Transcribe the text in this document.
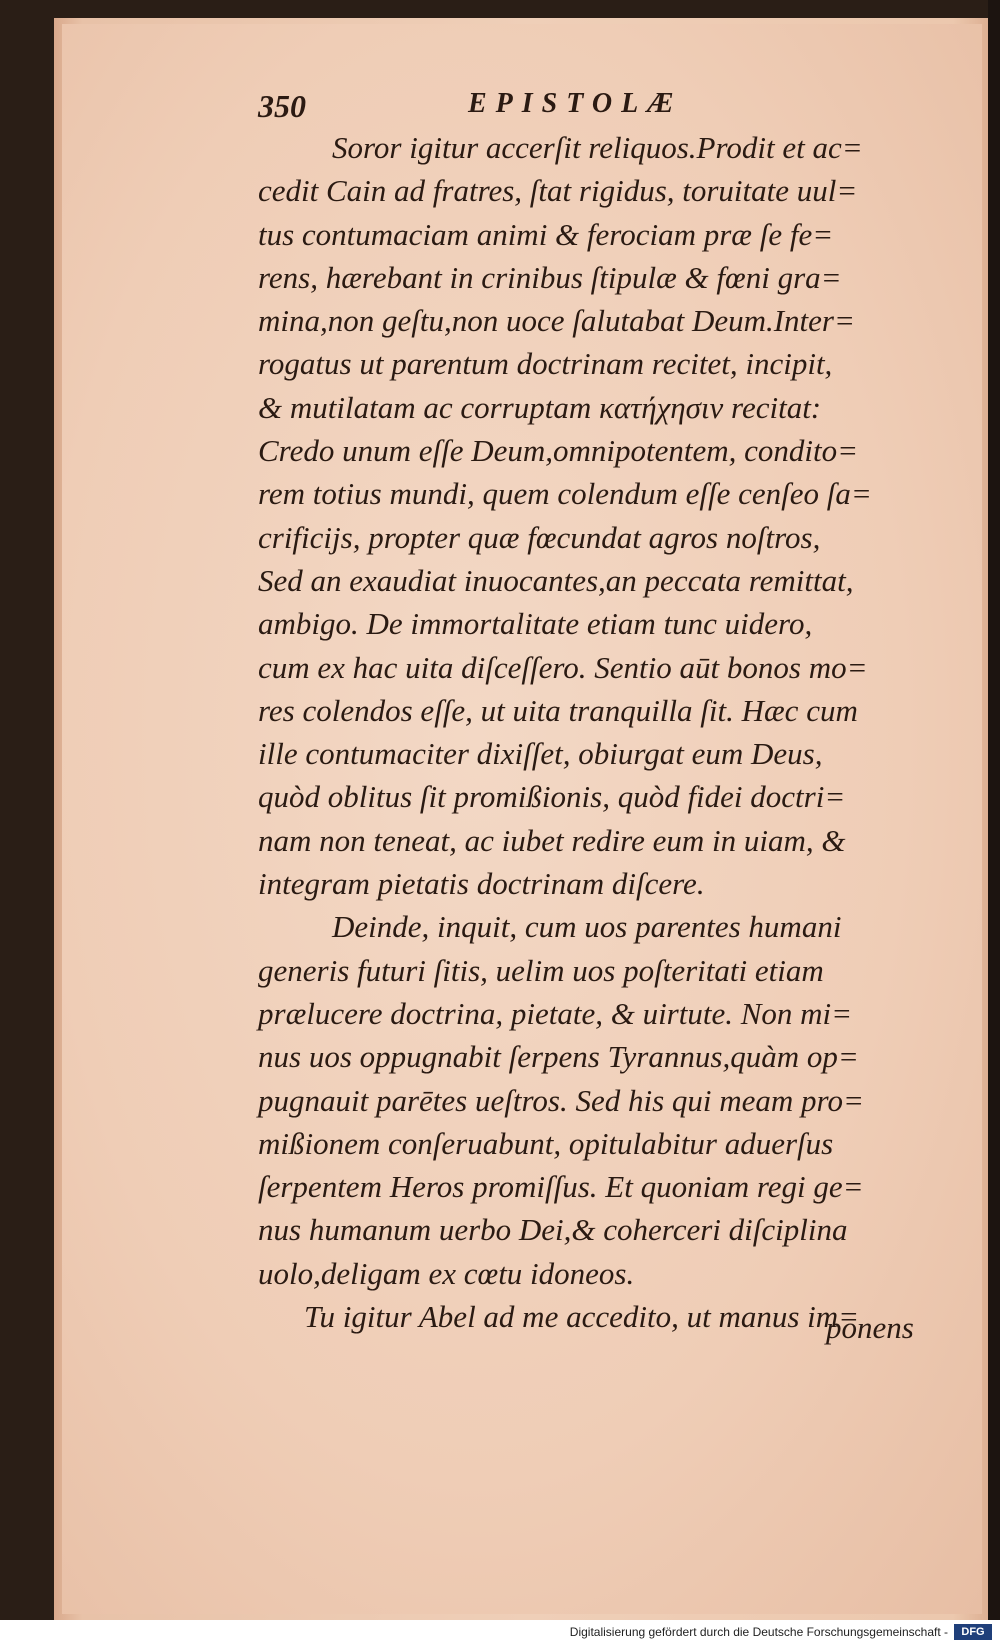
350	EPISTOLÆ
Soror igitur accerſit reliquos.Prodit et ac=
cedit Cain ad fratres, ſtat rigidus, toruitate uul=
tus contumaciam animi & ferociam præ ſe fe=
rens, hærebant in crinibus ſtipulæ & fœni gra=
mina,non geſtu,non uoce ſalutabat Deum.Inter=
rogatus ut parentum doctrinam recitet, incipit,
& mutilatam ac corruptam κατήχησιν recitat:
Credo unum eſſe Deum,omnipotentem, condito=
rem totius mundi, quem colendum eſſe cenſeo ſa=
crificijs, propter quæ fœcundat agros noſtros,
Sed an exaudiat inuocantes,an peccata remittat,
ambigo. De immortalitate etiam tunc uidero,
cum ex hac uita diſceſſero. Sentio aūt bonos mo=
res colendos eſſe, ut uita tranquilla ſit. Hæc cum
ille contumaciter dixiſſet, obiurgat eum Deus,
quòd oblitus ſit promißionis, quòd fidei doctri=
nam non teneat, ac iubet redire eum in uiam, &
integram pietatis doctrinam diſcere.
Deinde, inquit, cum uos parentes humani
generis futuri ſitis, uelim uos poſteritati etiam
prælucere doctrina, pietate, & uirtute. Non mi=
nus uos oppugnabit ſerpens Tyrannus,quàm op=
pugnauit parētes ueſtros. Sed his qui meam pro=
mißionem conſeruabunt, opitulabitur aduerſus
ſerpentem Heros promiſſus. Et quoniam regi ge=
nus humanum uerbo Dei,& coherceri diſciplina
uolo,deligam ex cœtu idoneos.
Tu igitur Abel ad me accedito, ut manus im=
ponens
Digitalisierung gefördert durch die Deutsche Forschungsgemeinschaft -	DFG
